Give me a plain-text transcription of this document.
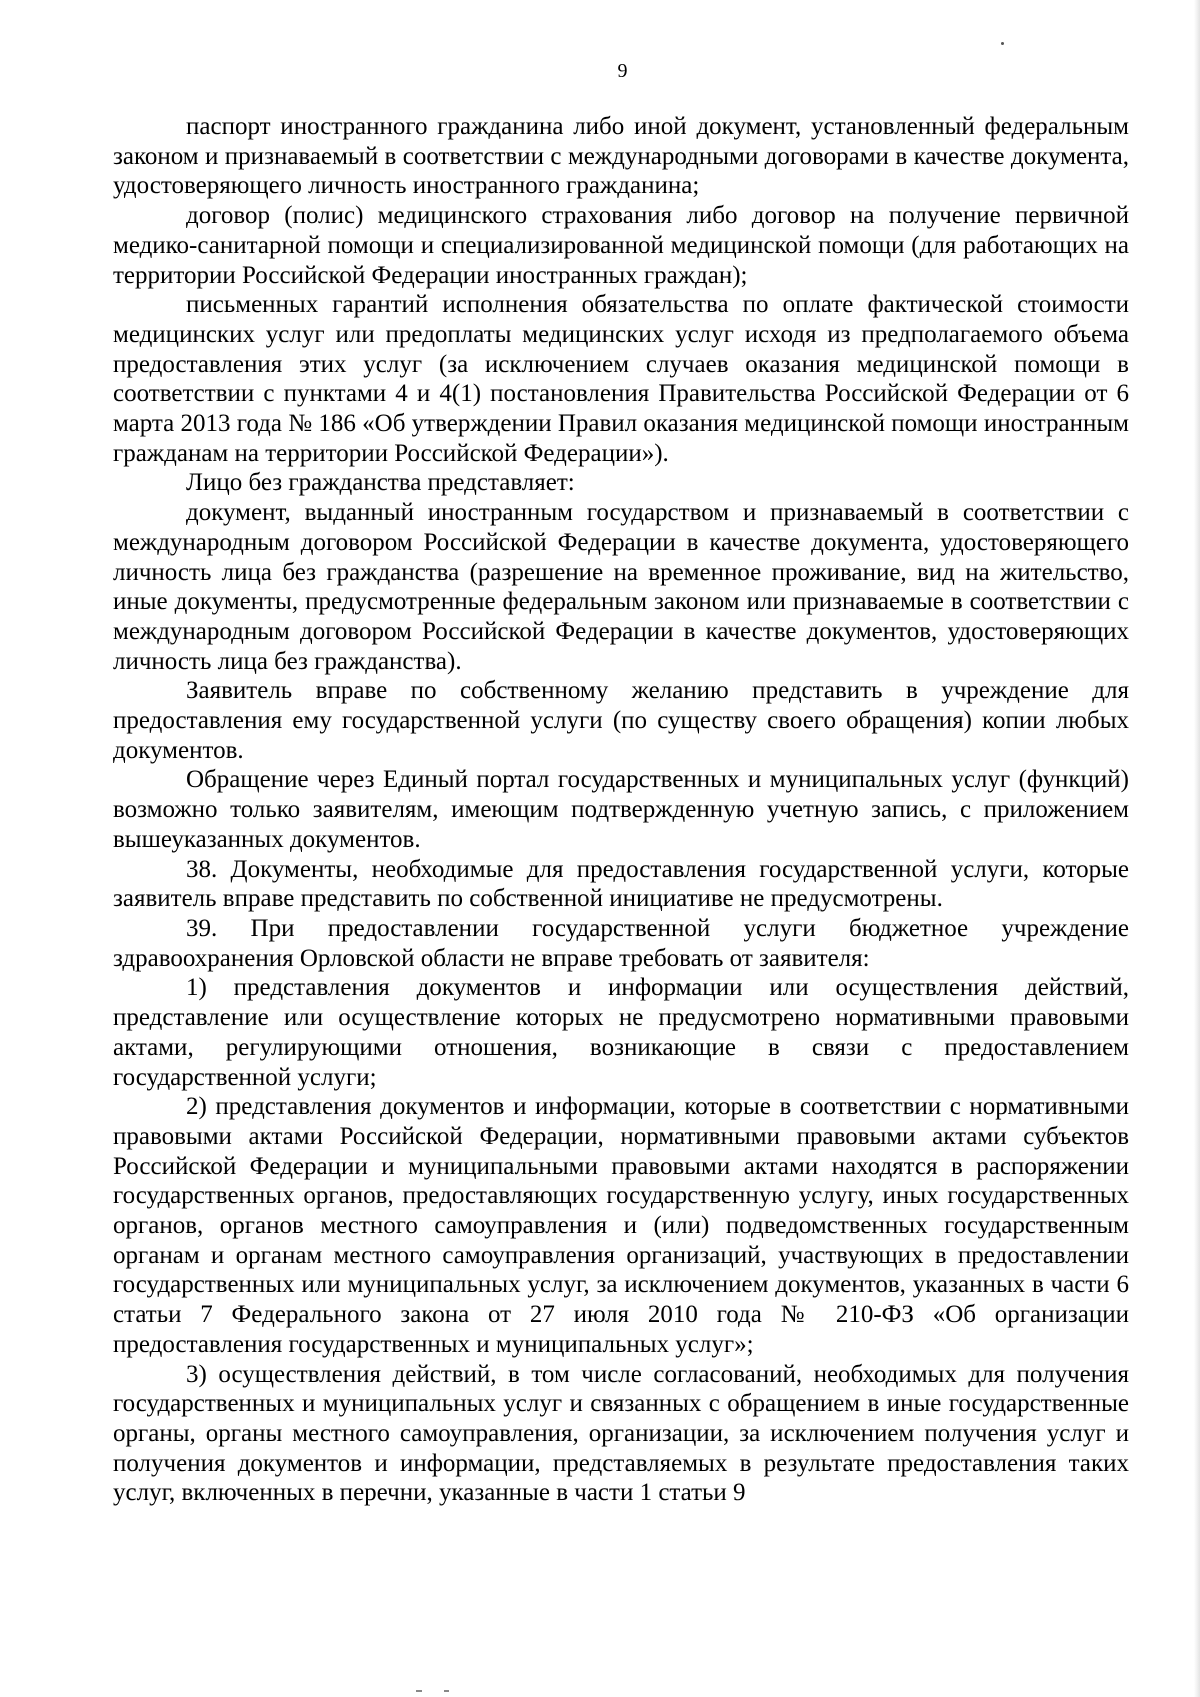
9

паспорт иностранного гражданина либо иной документ, установленный федеральным законом и признаваемый в соответствии с международными договорами в качестве документа, удостоверяющего личность иностранного гражданина;

договор (полис) медицинского страхования либо договор на получение первичной медико-санитарной помощи и специализированной медицинской помощи (для работающих на территории Российской Федерации иностранных граждан);

письменных гарантий исполнения обязательства по оплате фактической стоимости медицинских услуг или предоплаты медицинских услуг исходя из предполагаемого объема предоставления этих услуг (за исключением случаев оказания медицинской помощи в соответствии с пунктами 4 и 4(1) постановления Правительства Российской Федерации от 6 марта 2013 года № 186 «Об утверждении Правил оказания медицинской помощи иностранным гражданам на территории Российской Федерации»).

Лицо без гражданства представляет:

документ, выданный иностранным государством и признаваемый в соответствии с международным договором Российской Федерации в качестве документа, удостоверяющего личность лица без гражданства (разрешение на временное проживание, вид на жительство, иные документы, предусмотренные федеральным законом или признаваемые в соответствии с международным договором Российской Федерации в качестве документов, удостоверяющих личность лица без гражданства).

Заявитель вправе по собственному желанию представить в учреждение для предоставления ему государственной услуги (по существу своего обращения) копии любых документов.

Обращение через Единый портал государственных и муниципальных услуг (функций) возможно только заявителям, имеющим подтвержденную учетную запись, с приложением вышеуказанных документов.

38. Документы, необходимые для предоставления государственной услуги, которые заявитель вправе представить по собственной инициативе не предусмотрены.

39. При предоставлении государственной услуги бюджетное учреждение здравоохранения Орловской области не вправе требовать от заявителя:

1) представления документов и информации или осуществления действий, представление или осуществление которых не предусмотрено нормативными правовыми актами, регулирующими отношения, возникающие в связи с предоставлением государственной услуги;

2) представления документов и информации, которые в соответствии с нормативными правовыми актами Российской Федерации, нормативными правовыми актами субъектов Российской Федерации и муниципальными правовыми актами находятся в распоряжении государственных органов, предоставляющих государственную услугу, иных государственных органов, органов местного самоуправления и (или) подведомственных государственным органам и органам местного самоуправления организаций, участвующих в предоставлении государственных или муниципальных услуг, за исключением документов, указанных в части 6 статьи 7 Федерального закона от 27 июля 2010 года № 210-ФЗ «Об организации предоставления государственных и муниципальных услуг»;

3) осуществления действий, в том числе согласований, необходимых для получения государственных и муниципальных услуг и связанных с обращением в иные государственные органы, органы местного самоуправления, организации, за исключением получения услуг и получения документов и информации, представляемых в результате предоставления таких услуг, включенных в перечни, указанные в части 1 статьи 9
